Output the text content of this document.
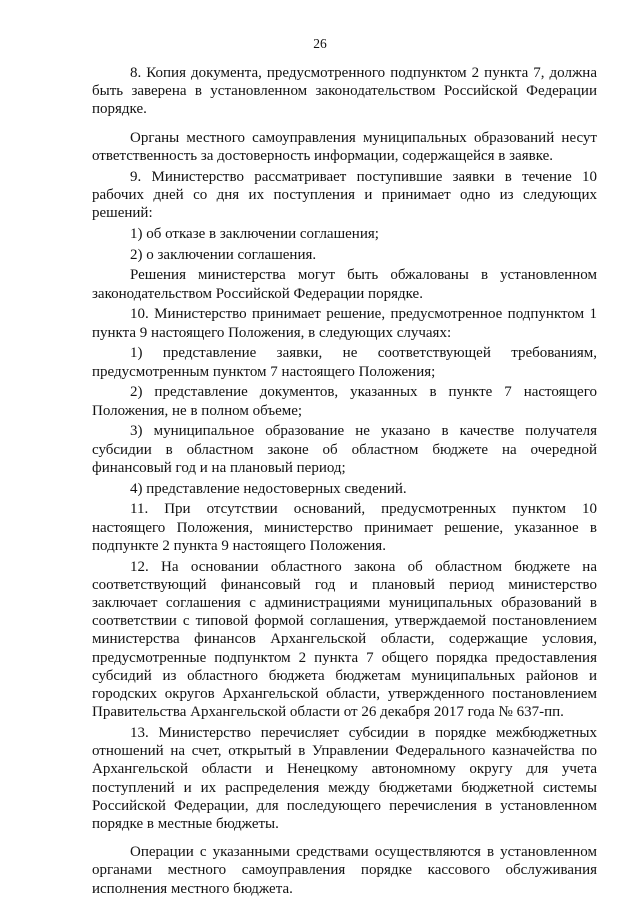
26

8. Копия документа, предусмотренного подпунктом 2 пункта 7, должна быть заверена в установленном законодательством Российской Федерации порядке.

Органы местного самоуправления муниципальных образований несут ответственность за достоверность информации, содержащейся в заявке.

9. Министерство рассматривает поступившие заявки в течение 10 рабочих дней со дня их поступления и принимает одно из следующих решений:

1) об отказе в заключении соглашения;

2) о заключении соглашения.

Решения министерства могут быть обжалованы в установленном законодательством Российской Федерации порядке.

10. Министерство принимает решение, предусмотренное подпунктом 1 пункта 9 настоящего Положения, в следующих случаях:

1) представление заявки, не соответствующей требованиям, предусмотренным пунктом 7 настоящего Положения;

2) представление документов, указанных в пункте 7 настоящего Положения, не в полном объеме;

3) муниципальное образование не указано в качестве получателя субсидии в областном законе об областном бюджете на очередной финансовый год и на плановый период;

4) представление недостоверных сведений.

11. При отсутствии оснований, предусмотренных пунктом 10 настоящего Положения, министерство принимает решение, указанное в подпункте 2 пункта 9 настоящего Положения.

12. На основании областного закона об областном бюджете на соответствующий финансовый год и плановый период министерство заключает соглашения с администрациями муниципальных образований в соответствии с типовой формой соглашения, утверждаемой постановлением министерства финансов Архангельской области, содержащие условия, предусмотренные подпунктом 2 пункта 7 общего порядка предоставления субсидий из областного бюджета бюджетам муниципальных районов и городских округов Архангельской области, утвержденного постановлением Правительства Архангельской области от 26 декабря 2017 года № 637-пп.

13. Министерство перечисляет субсидии в порядке межбюджетных отношений на счет, открытый в Управлении Федерального казначейства по Архангельской области и Ненецкому автономному округу для учета поступлений и их распределения между бюджетами бюджетной системы Российской Федерации, для последующего перечисления в установленном порядке в местные бюджеты.

Операции с указанными средствами осуществляются в установленном органами местного самоуправления порядке кассового обслуживания исполнения местного бюджета.
